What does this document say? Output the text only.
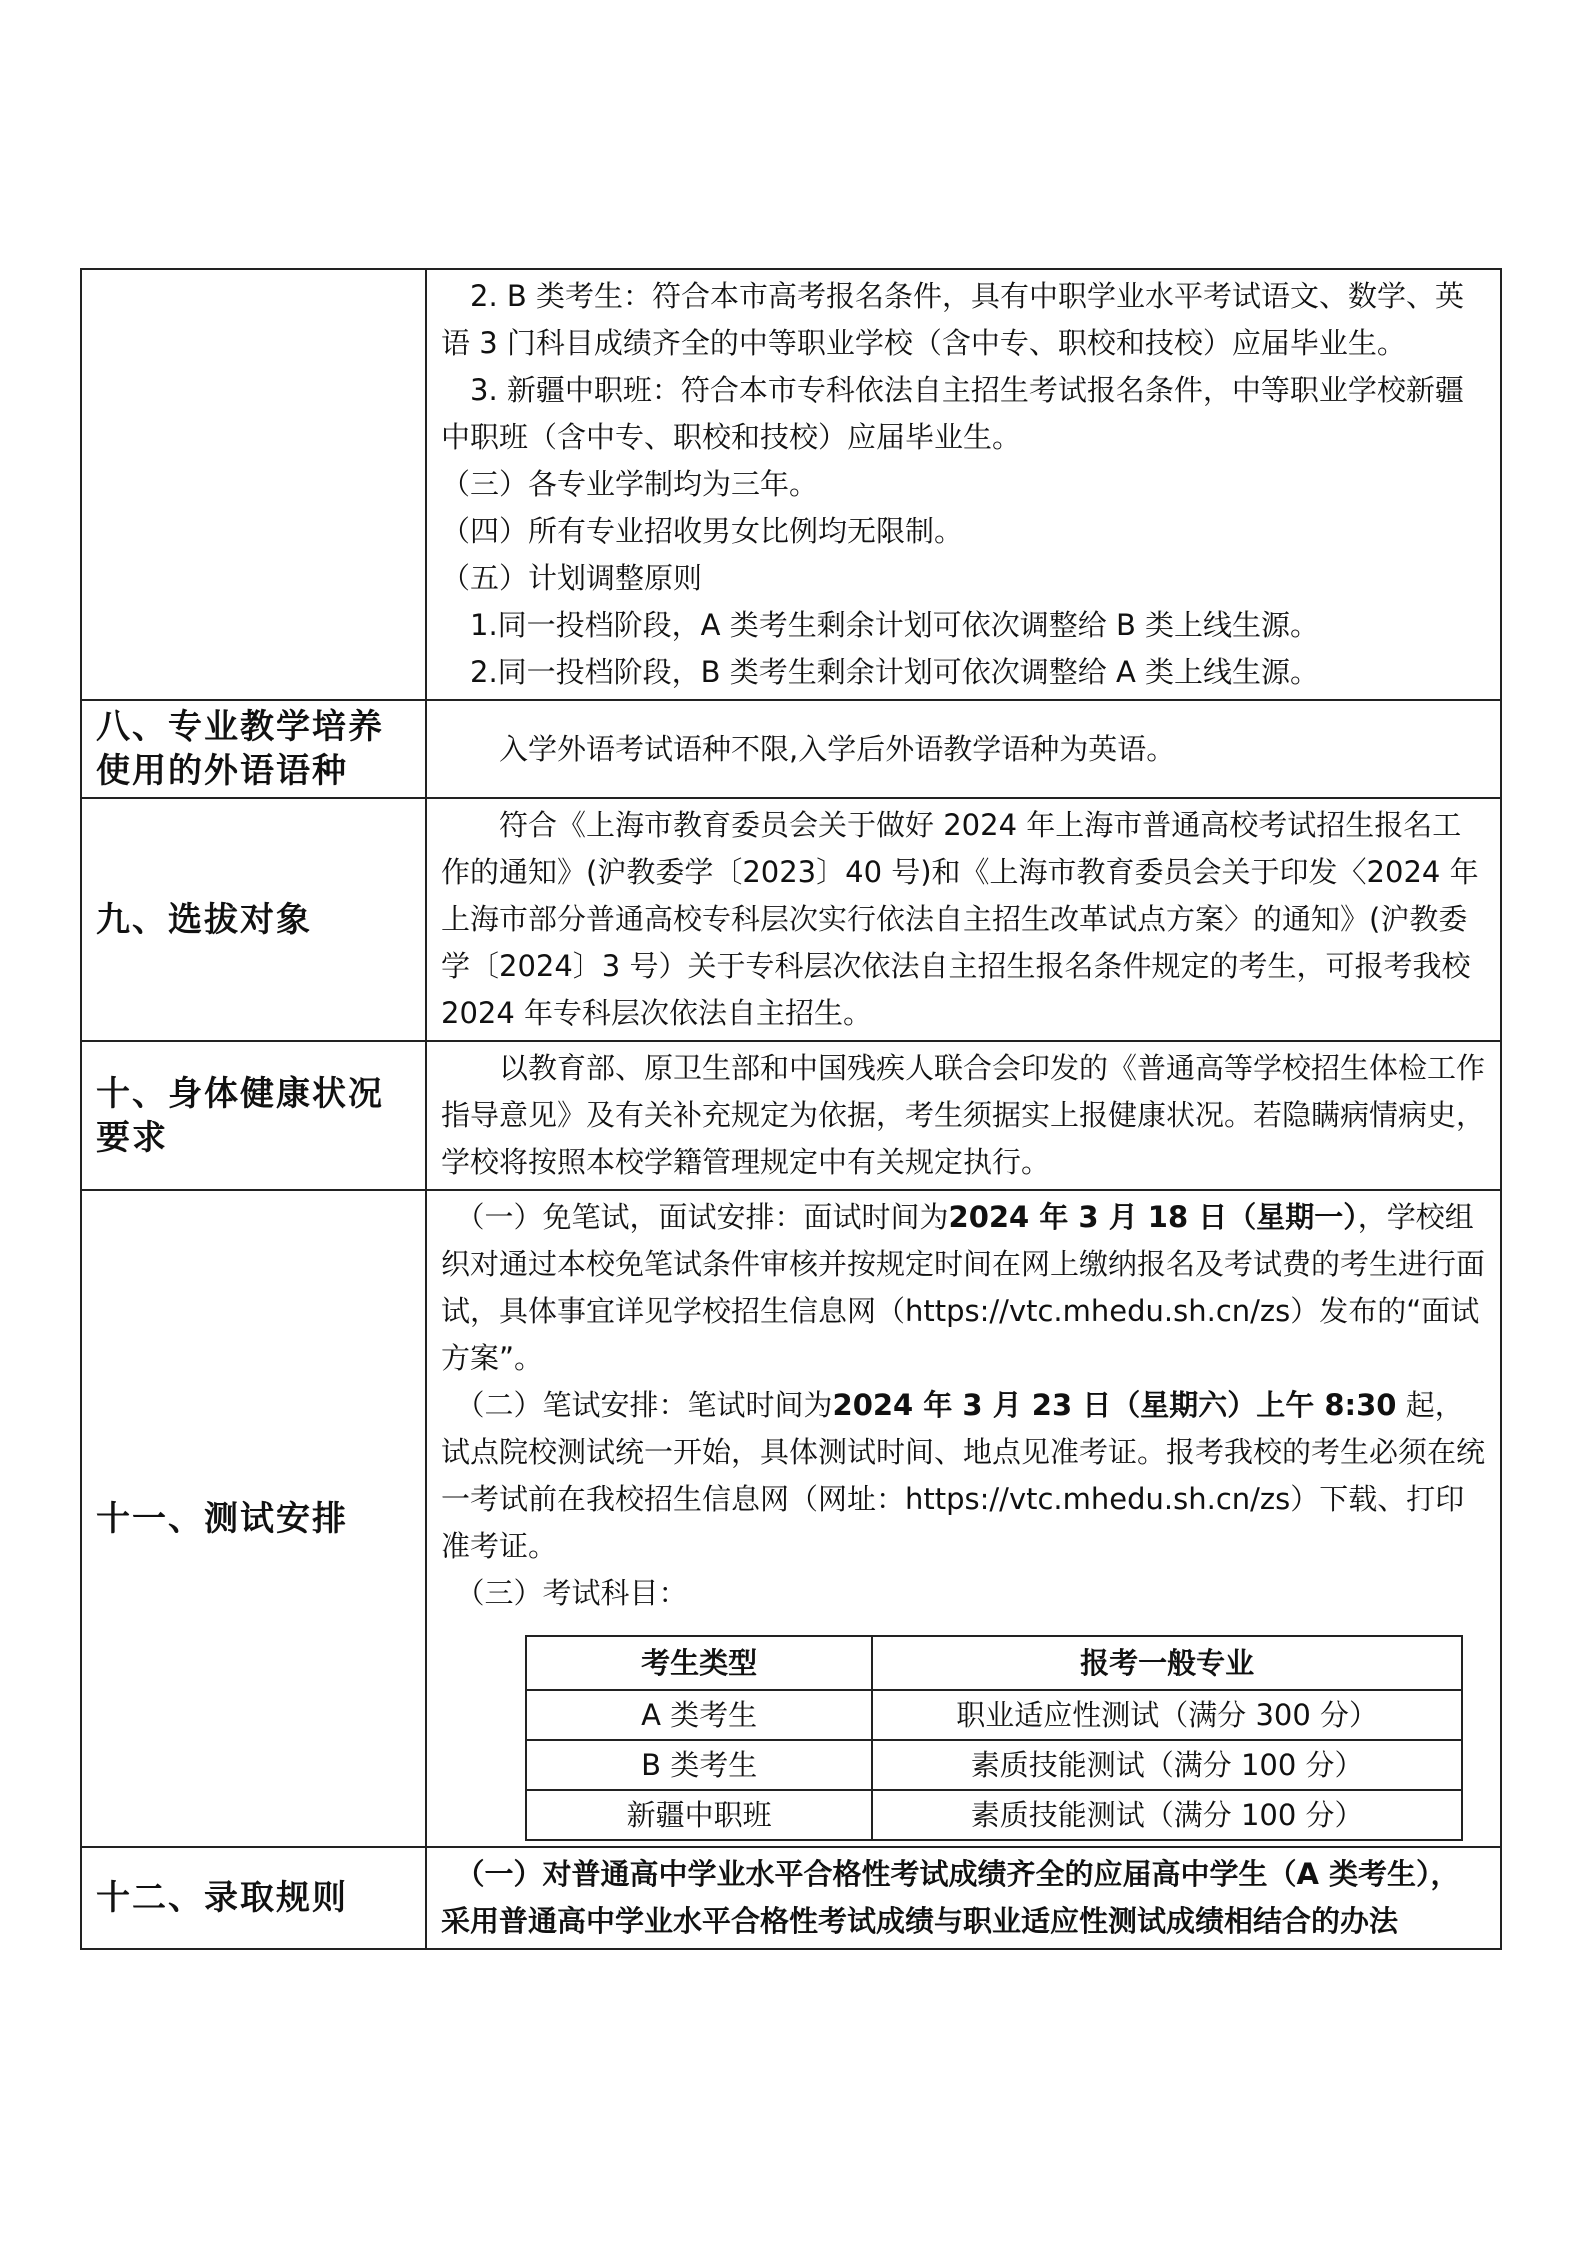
2. B 类考生：符合本市高考报名条件，具有中职学业水平考试语文、数学、英语 3 门科目成绩齐全的中等职业学校（含中专、职校和技校）应届毕业生。

3. 新疆中职班：符合本市专科依法自主招生考试报名条件，中等职业学校新疆中职班（含中专、职校和技校）应届毕业生。

（三）各专业学制均为三年。

（四）所有专业招收男女比例均无限制。

（五）计划调整原则

1.同一投档阶段，A 类考生剩余计划可依次调整给 B 类上线生源。

2.同一投档阶段，B 类考生剩余计划可依次调整给 A 类上线生源。

八、专业教学培养使用的外语语种	

入学外语考试语种不限,入学后外语教学语种为英语。

九、选拔对象	

符合《上海市教育委员会关于做好 2024 年上海市普通高校考试招生报名工作的通知》(沪教委学〔2023〕40 号)和《上海市教育委员会关于印发〈2024 年上海市部分普通高校专科层次实行依法自主招生改革试点方案〉的通知》(沪教委学〔2024〕3 号）关于专科层次依法自主招生报名条件规定的考生，可报考我校 2024 年专科层次依法自主招生。

十、身体健康状况要求	

以教育部、原卫生部和中国残疾人联合会印发的《普通高等学校招生体检工作指导意见》及有关补充规定为依据，考生须据实上报健康状况。若隐瞒病情病史，学校将按照本校学籍管理规定中有关规定执行。

十一、测试安排	

（一）免笔试，面试安排：面试时间为2024 年 3 月 18 日（星期一），学校组织对通过本校免笔试条件审核并按规定时间在网上缴纳报名及考试费的考生进行面试，具体事宜详见学校招生信息网（https://vtc.mhedu.sh.cn/zs）发布的“面试方案”。

（二）笔试安排：笔试时间为2024 年 3 月 23 日（星期六）上午 8:30 起，试点院校测试统一开始，具体测试时间、地点见准考证。报考我校的考生必须在统一考试前在我校招生信息网（网址：https://vtc.mhedu.sh.cn/zs）下载、打印准考证。

（三）考试科目：

考生类型	报考一般专业
A 类考生	职业适应性测试（满分 300 分）
B 类考生	素质技能测试（满分 100 分）
新疆中职班	素质技能测试（满分 100 分）

十二、录取规则	

（一）对普通高中学业水平合格性考试成绩齐全的应届高中学生（A 类考生），采用普通高中学业水平合格性考试成绩与职业适应性测试成绩相结合的办法
